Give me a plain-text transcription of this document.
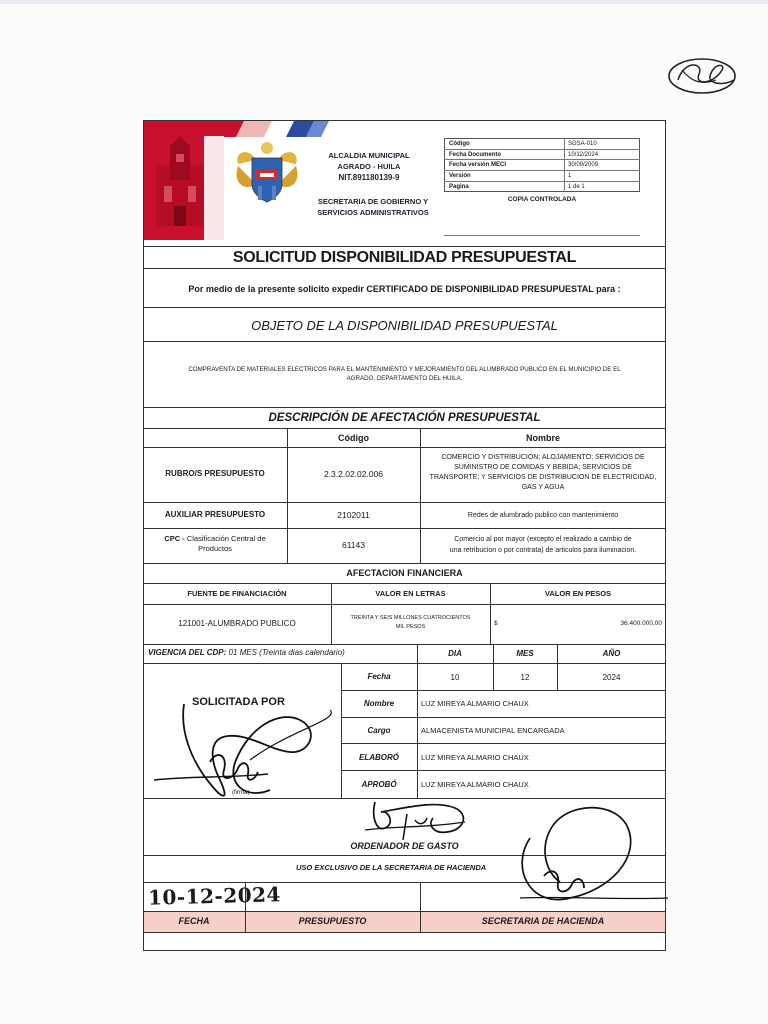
ALCALDIA MUNICIPAL
AGRADO - HUILA
NIT.891180139-9
SECRETARIA DE GOBIERNO Y
SERVICIOS ADMINISTRATIVOS
Código	SGSA-010
Fecha Documento	10/12/2024
Fecha versión MECI	30/09/2009
Versión	1
Pagina	1 de 1
COPIA CONTROLADA
SOLICITUD DISPONIBILIDAD PRESUPUESTAL
Por medio de la presente solicito expedir CERTIFICADO DE DISPONIBILIDAD PRESUPUESTAL para :
OBJETO DE LA DISPONIBILIDAD PRESUPUESTAL
COMPRAVENTA DE MATERIALES ELECTRICOS PARA EL MANTENIMIENTO Y MEJORAMIENTO DEL ALUMBRADO PUBLICO EN EL MUNICIPIO DE EL
AGRADO, DEPARTAMENTO DEL HUILA.
DESCRIPCIÓN DE AFECTACIÓN PRESUPUESTAL
Código	Nombre
RUBRO/S PRESUPUESTO	2.3.2.02.02.006
COMERCIO Y DISTRIBUCION; ALOJAMIENTO; SERVICIOS DE
SUMINISTRO DE COMIDAS Y BEBIDA; SERVICIOS DE
TRANSPORTE; Y SERVICIOS DE DISTRIBUCION DE ELECTRICIDAD,
GAS Y AGUA
AUXILIAR PRESUPUESTO	2102011	Redes de alumbrado publico con mantenimiento
CPC - Clasificación Central de
Productos	61143
Comercio al por mayor (excepto el realizado a cambio de
una retribucion o por contrata) de articulos para iluminacion.
AFECTACION FINANCIERA
FUENTE DE FINANCIACIÓN	VALOR EN LETRAS	VALOR EN PESOS
121001-ALUMBRADO PUBLICO
TREINTA Y SEIS MILLONES CUATROCIENTOS
MIL PESOS	$	36.400.000,00
VIGENCIA DEL CDP: 01 MES (Treinta dias calendario)	DIA	MES	AÑO
Fecha	10	12	2024
Nombre	LUZ MIREYA ALMARIO CHAUX
Cargo	ALMACENISTA MUNICIPAL ENCARGADA
ELABORÓ	LUZ MIREYA ALMARIO CHAUX
APROBÓ	LUZ MIREYA ALMARIO CHAUX
SOLICITADA POR
(firma)
ORDENADOR DE GASTO
USO EXCLUSIVO DE LA SECRETARIA DE HACIENDA
10-12-2024
FECHA	PRESUPUESTO	SECRETARIA DE HACIENDA
